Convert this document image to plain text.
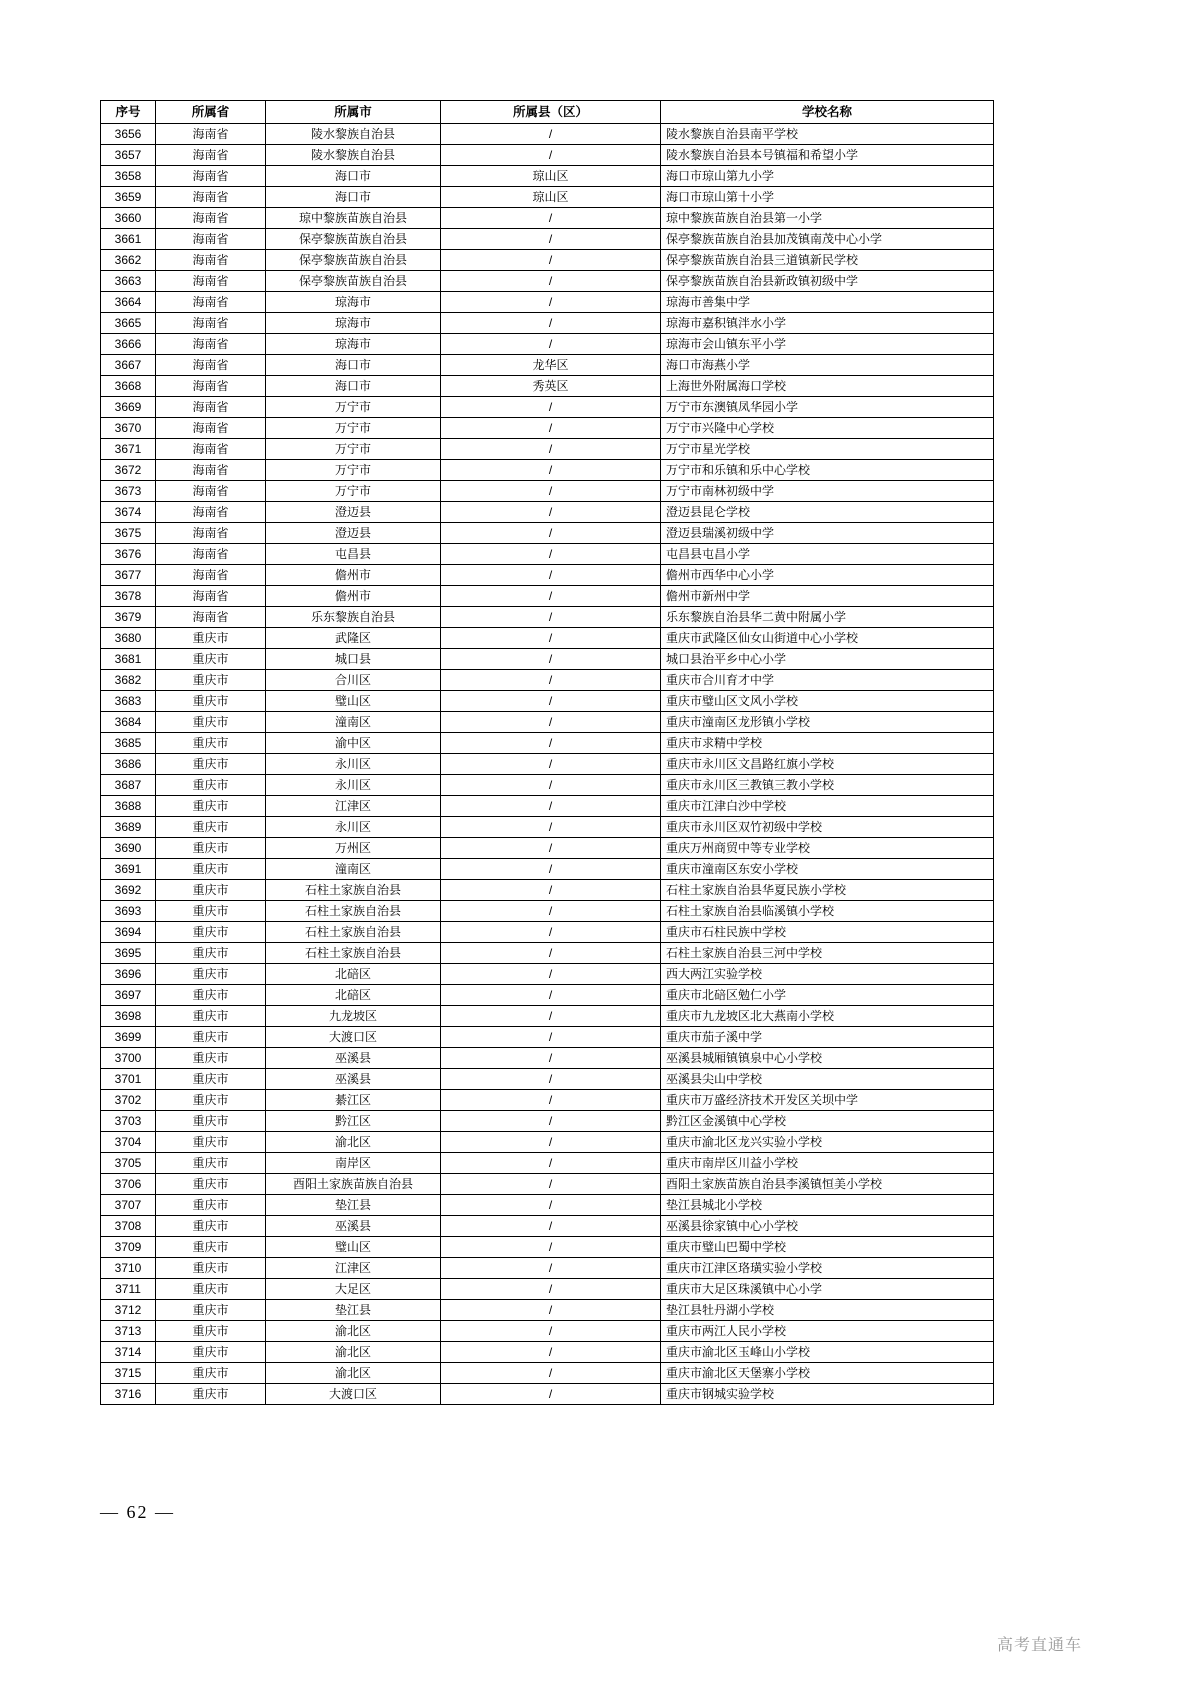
序号	所属省	所属市	所属县（区）	学校名称
3656	海南省	陵水黎族自治县	/	陵水黎族自治县南平学校
3657	海南省	陵水黎族自治县	/	陵水黎族自治县本号镇福和希望小学
3658	海南省	海口市	琼山区	海口市琼山第九小学
3659	海南省	海口市	琼山区	海口市琼山第十小学
3660	海南省	琼中黎族苗族自治县	/	琼中黎族苗族自治县第一小学
3661	海南省	保亭黎族苗族自治县	/	保亭黎族苗族自治县加茂镇南茂中心小学
3662	海南省	保亭黎族苗族自治县	/	保亭黎族苗族自治县三道镇新民学校
3663	海南省	保亭黎族苗族自治县	/	保亭黎族苗族自治县新政镇初级中学
3664	海南省	琼海市	/	琼海市善集中学
3665	海南省	琼海市	/	琼海市嘉积镇泮水小学
3666	海南省	琼海市	/	琼海市会山镇东平小学
3667	海南省	海口市	龙华区	海口市海燕小学
3668	海南省	海口市	秀英区	上海世外附属海口学校
3669	海南省	万宁市	/	万宁市东澳镇凤华园小学
3670	海南省	万宁市	/	万宁市兴隆中心学校
3671	海南省	万宁市	/	万宁市星光学校
3672	海南省	万宁市	/	万宁市和乐镇和乐中心学校
3673	海南省	万宁市	/	万宁市南林初级中学
3674	海南省	澄迈县	/	澄迈县昆仑学校
3675	海南省	澄迈县	/	澄迈县瑞溪初级中学
3676	海南省	屯昌县	/	屯昌县屯昌小学
3677	海南省	儋州市	/	儋州市西华中心小学
3678	海南省	儋州市	/	儋州市新州中学
3679	海南省	乐东黎族自治县	/	乐东黎族自治县华二黄中附属小学
3680	重庆市	武隆区	/	重庆市武隆区仙女山街道中心小学校
3681	重庆市	城口县	/	城口县治平乡中心小学
3682	重庆市	合川区	/	重庆市合川育才中学
3683	重庆市	璧山区	/	重庆市璧山区文风小学校
3684	重庆市	潼南区	/	重庆市潼南区龙形镇小学校
3685	重庆市	渝中区	/	重庆市求精中学校
3686	重庆市	永川区	/	重庆市永川区文昌路红旗小学校
3687	重庆市	永川区	/	重庆市永川区三教镇三教小学校
3688	重庆市	江津区	/	重庆市江津白沙中学校
3689	重庆市	永川区	/	重庆市永川区双竹初级中学校
3690	重庆市	万州区	/	重庆万州商贸中等专业学校
3691	重庆市	潼南区	/	重庆市潼南区东安小学校
3692	重庆市	石柱土家族自治县	/	石柱土家族自治县华夏民族小学校
3693	重庆市	石柱土家族自治县	/	石柱土家族自治县临溪镇小学校
3694	重庆市	石柱土家族自治县	/	重庆市石柱民族中学校
3695	重庆市	石柱土家族自治县	/	石柱土家族自治县三河中学校
3696	重庆市	北碚区	/	西大两江实验学校
3697	重庆市	北碚区	/	重庆市北碚区勉仁小学
3698	重庆市	九龙坡区	/	重庆市九龙坡区北大燕南小学校
3699	重庆市	大渡口区	/	重庆市茄子溪中学
3700	重庆市	巫溪县	/	巫溪县城厢镇镇泉中心小学校
3701	重庆市	巫溪县	/	巫溪县尖山中学校
3702	重庆市	綦江区	/	重庆市万盛经济技术开发区关坝中学
3703	重庆市	黔江区	/	黔江区金溪镇中心学校
3704	重庆市	渝北区	/	重庆市渝北区龙兴实验小学校
3705	重庆市	南岸区	/	重庆市南岸区川益小学校
3706	重庆市	酉阳土家族苗族自治县	/	酉阳土家族苗族自治县李溪镇恒美小学校
3707	重庆市	垫江县	/	垫江县城北小学校
3708	重庆市	巫溪县	/	巫溪县徐家镇中心小学校
3709	重庆市	璧山区	/	重庆市璧山巴蜀中学校
3710	重庆市	江津区	/	重庆市江津区珞璜实验小学校
3711	重庆市	大足区	/	重庆市大足区珠溪镇中心小学
3712	重庆市	垫江县	/	垫江县牡丹湖小学校
3713	重庆市	渝北区	/	重庆市两江人民小学校
3714	重庆市	渝北区	/	重庆市渝北区玉峰山小学校
3715	重庆市	渝北区	/	重庆市渝北区天堡寨小学校
3716	重庆市	大渡口区	/	重庆市钢城实验学校
— 62 —
高考直通车
